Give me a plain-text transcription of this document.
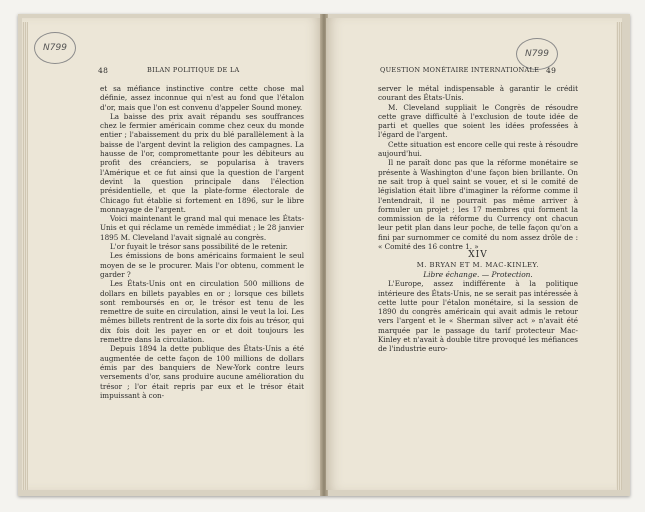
N799
48	BILAN POLITIQUE DE LA

et sa méfiance instinctive contre cette chose mal définie, assez inconnue qui n'est au fond que l'étalon d'or, mais que l'on est convenu d'appeler Sound money.

La baisse des prix avait répandu ses souffrances chez le fermier américain comme chez ceux du monde entier ; l'abaissement du prix du blé parallèlement à la baisse de l'argent devint la religion des campagnes. La hausse de l'or, compromettante pour les débiteurs au profit des créanciers, se popularisa à travers l'Amérique et ce fut ainsi que la question de l'argent devint la question principale dans l'élection présidentielle, et que la plate-forme électorale de Chicago fut établie si fortement en 1896, sur le libre monnayage de l'argent.

Voici maintenant le grand mal qui menace les États-Unis et qui réclame un remède immédiat ; le 28 janvier 1895 M. Cleveland l'avait signalé au congrès.

L'or fuyait le trésor sans possibilité de le retenir.

Les émissions de bons américains formaient le seul moyen de se le procurer. Mais l'or obtenu, comment le garder ?

Les États-Unis ont en circulation 500 millions de dollars en billets payables en or ; lorsque ces billets sont remboursés en or, le trésor est tenu de les remettre de suite en circulation, ainsi le veut la loi. Les mêmes billets rentrent de la sorte dix fois au trésor, qui dix fois doit les payer en or et doit toujours les remettre dans la circulation.

Depuis 1894 la dette publique des États-Unis a été augmentée de cette façon de 100 millions de dollars émis par des banquiers de New-York contre leurs versements d'or, sans produire aucune amélioration du trésor ; l'or était repris par eux et le trésor était impuissant à con-

N799
QUESTION MONÉTAIRE INTERNATIONALE 49

server le métal indispensable à garantir le crédit courant des États-Unis.

M. Cleveland suppliait le Congrès de résoudre cette grave difficulté à l'exclusion de toute idée de parti et quelles que soient les idées professées à l'égard de l'argent.

Cette situation est encore celle qui reste à résoudre aujourd'hui.

Il ne paraît donc pas que la réforme monétaire se présente à Washington d'une façon bien brillante. On ne sait trop à quel saint se vouer, et si le comité de législation était libre d'imaginer la réforme comme il l'entendrait, il ne pourrait pas même arriver à formuler un projet ; les 17 membres qui forment la commission de la réforme du Currency ont chacun leur petit plan dans leur poche, de telle façon qu'on a fini par surnommer ce comité du nom assez drôle de : « Comité des 16 contre 1. »

XIV

M. BRYAN ET M. MAC-KINLEY.

Libre échange. — Protection.

L'Europe, assez indifférente à la politique intérieure des États-Unis, ne se serait pas intéressée à cette lutte pour l'étalon monétaire, si la session de 1890 du congrès américain qui avait admis le retour vers l'argent et le « Sherman silver act » n'avait été marquée par le passage du tarif protecteur Mac-Kinley et n'avait à double titre provoqué les méfiances de l'industrie euro-
